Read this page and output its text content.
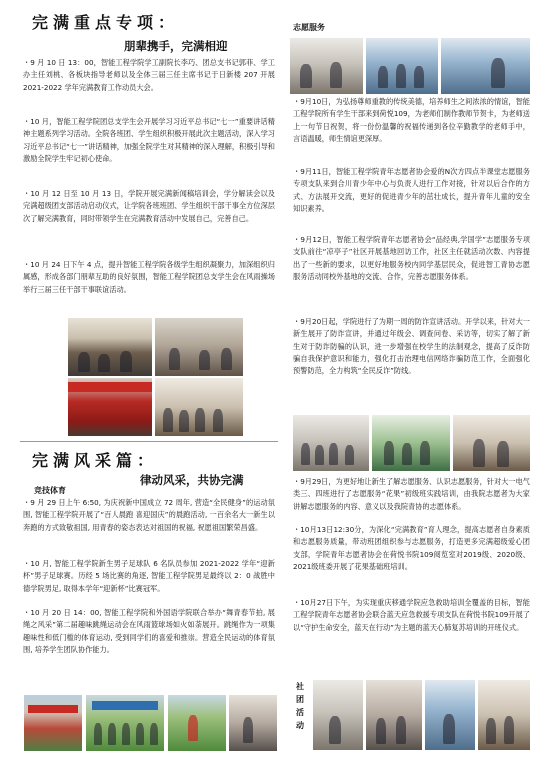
完满重点专项：
朋辈携手，完满相迎

・9 月 10 日 13：00，智能工程学院学工副院长李巧、团总支书记郭菲、学工办主任刘桃、各板块指导老师以及全体三届三任主席书记于日新楼 207 开展 2021-2022 学年完满教育工作动员大会。

・10 月，智能工程学院团总支学生会开展学习习近平总书记“七一”重要讲话精神主题系列学习活动。全院各班团、学生组织积极开展此次主题活动，深入学习习近平总书记“七一”讲话精神，加强全院学生对其精神的深入理解，积极引导和激励全院学生牢记初心使命。

・10 月 12 日至 10 月 13 日，学院开展完满新闻稿培训会，学分解读会以及完满超级团支部活动启动仪式，让学院各班班团、学生组织干部干事全方位深层次了解完满教育，同时带领学生在完满教育活动中发展自己，完善自己。

・10 月 24 日下午 4 点，提升智能工程学院各级学生组织凝聚力，加深组织归属感，形成各部门朋辈互助的良好氛围，智能工程学院团总支学生会在风雨操场举行三届三任干部干事联谊活动。

完满风采篇：
律动风采，共协完满
竞技体育

・9 月 29 日上午 6:50, 为庆祝新中国成立 72 周年, 营造“全民健身”的运动氛围, 智能工程学院开展了“百人晨跑 喜迎国庆”的晨跑活动, 一百余名大一新生以奔跑的方式致敬祖国, 用青春的姿态表达对祖国的祝福, 祝愿祖国繁荣昌盛。

・10 月, 智能工程学院新生男子足球队 6 名队员参加 2021-2022 学年“迎新杯”男子足球赛。历经 5 场比赛的角逐, 智能工程学院男足最终以 2：0 战胜中德学院男足, 取得本学年“迎新杯”比赛冠军。

・10 月 20 日 14：00, 智能工程学院和外国语学院联合举办“舞青春节拍, 展绳之风采”第二届趣味跳绳运动会在风雨篮球场如火如荼展开。跳绳作为一项集趣味性和低门槛的体育运动, 受到同学们的喜爱和推崇。营造全民运动的体育氛围, 培养学生团队协作能力。

志愿服务

・9月10日，为弘扬尊师重教的传统美德，培养师生之间浓浓的情谊，智能工程学院所有学生干部来到荷悦109，为老师们制作教师节贺卡，为老师送上一句节日祝贺，将一份份温馨的祝福传递到各位辛勤教学的老师手中，言语温暖，师生情谊更深厚。

・9月11日，智能工程学院青年志愿者协会爱的N次方四点半课堂志愿服务专项支队来到合川青少年中心与负责人进行工作对接，针对以后合作的方式、方法展开交流，更好的促进青少年的茁壮成长，提升青年儿童的安全知识素养。

・9月12日，智能工程学院青年志愿者协会“品经典,学国学”志愿服务专项支队前往“凉亭子”社区开展基地回访工作，社区主任就活动次数、内容提出了一些新的要求，以更好地服务校内同学基层民众，促进智工青协志愿服务活动同校外基地的交流、合作，完善志愿服务体系。

・9月20日起，学院进行了为期一周的防诈宣讲活动。开学以来，针对大一新生展开了防诈宣讲，并通过年级会、调查问卷、采访等，切实了解了新生对于防诈防骗的认识，进一步增强在校学生的法制观念，提高了反诈防骗自我保护意识和能力，强化打击治理电信网络诈骗防范工作，全面强化预警防范，全力构筑“全民反诈”防线。

・9月29日，为更好地让新生了解志愿服务、认识志愿服务，针对大一电气类三、四班进行了志愿服务“花果”初级班实践培训，由我院志愿者为大家讲解志愿服务的内容、意义以及我院青协的志愿体系。

・10月13日12:30分，为深化“完满教育”育人理念，提高志愿者自身素质和志愿服务质量，带动班团组织参与志愿服务，打造更多完满超级爱心团支部，学院青年志愿者协会在荷悦书院109阅览室对2019级、2020级、2021级班委开展了花果基础班培训。

・10月27日下午，为实现重庆移通学院应急救助培训全覆盖的目标，智能工程学院青年志愿者协会联合蓝天应急救援专项支队在荷悦书院109开展了以“守护生命安全，蓝天在行动”为主题的蓝天心肺复苏培训的开班仪式。

社团活动
